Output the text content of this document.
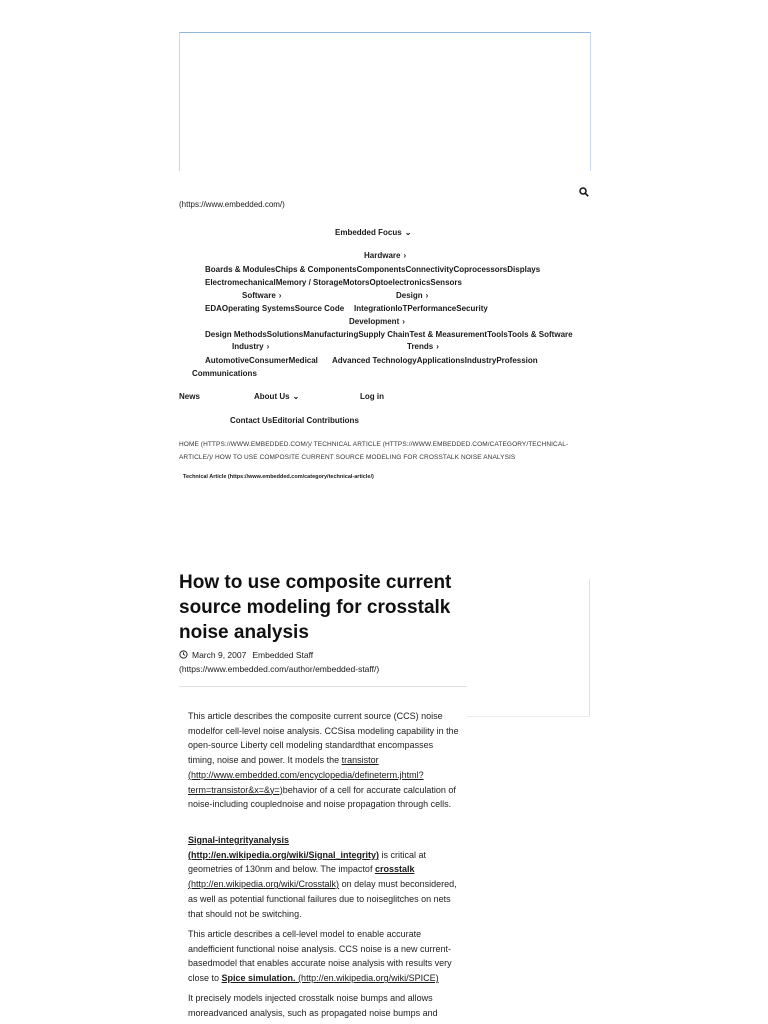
(https://www.embedded.com/)
Embedded Focus ⌄
Hardware ›
Boards & ModulesChips & ComponentsComponentsConnectivityCoprocessorsDisplays
ElectromechanicalMemory / StorageMotorsOptoelectronicsSensors
Software ›	Design ›
EDAOperating SystemsSource Code IntegrationIoTPerformanceSecurity
Development ›
Design MethodsSolutionsManufacturingSupply ChainTest & MeasurementToolsTools & Software
Industry ›	Trends ›
AutomotiveConsumerMedical Advanced TechnologyApplicationsIndustryProfession
Communications
News	About Us ⌄	Log in
Contact UsEditorial Contributions
HOME (HTTPS://WWW.EMBEDDED.COM/)/ TECHNICAL ARTICLE (HTTPS://WWW.EMBEDDED.COM/CATEGORY/TECHNICAL-
ARTICLE/)/ HOW TO USE COMPOSITE CURRENT SOURCE MODELING FOR CROSSTALK NOISE ANALYSIS
Technical Article (https://www.embedded.com/category/technical-article/)
How to use composite current source modeling for crosstalk noise analysis
March 9, 2007 Embedded Staff
(https://www.embedded.com/author/embedded-staff/)
This article describes the composite current source (CCS) noise modelfor cell-level noise analysis. CCSisa modeling capability in the open-source Liberty cell modeling standardthat encompasses timing, noise and power. It models the transistor
(http://www.embedded.com/encyclopedia/defineterm.jhtml?term=transistor&x=&y=)behavior of a cell for accurate calculation of noise-including couplednoise and noise propagation through cells.
Signal-integrityanalysis
(http://en.wikipedia.org/wiki/Signal_integrity) is critical at geometries of 130nm and below. The impactof crosstalk
(http://en.wikipedia.org/wiki/Crosstalk) on delay must beconsidered, as well as potential functional failures due to noiseglitches on nets that should not be switching.
This article describes a cell-level model to enable accurate andefficient functional noise analysis. CCS noise is a new current-basedmodel that enables accurate noise analysis with results very close to Spice simulation. (http://en.wikipedia.org/wiki/SPICE)
It precisely models injected crosstalk noise bumps and allows moreadvanced analysis, such as propagated noise bumps and
